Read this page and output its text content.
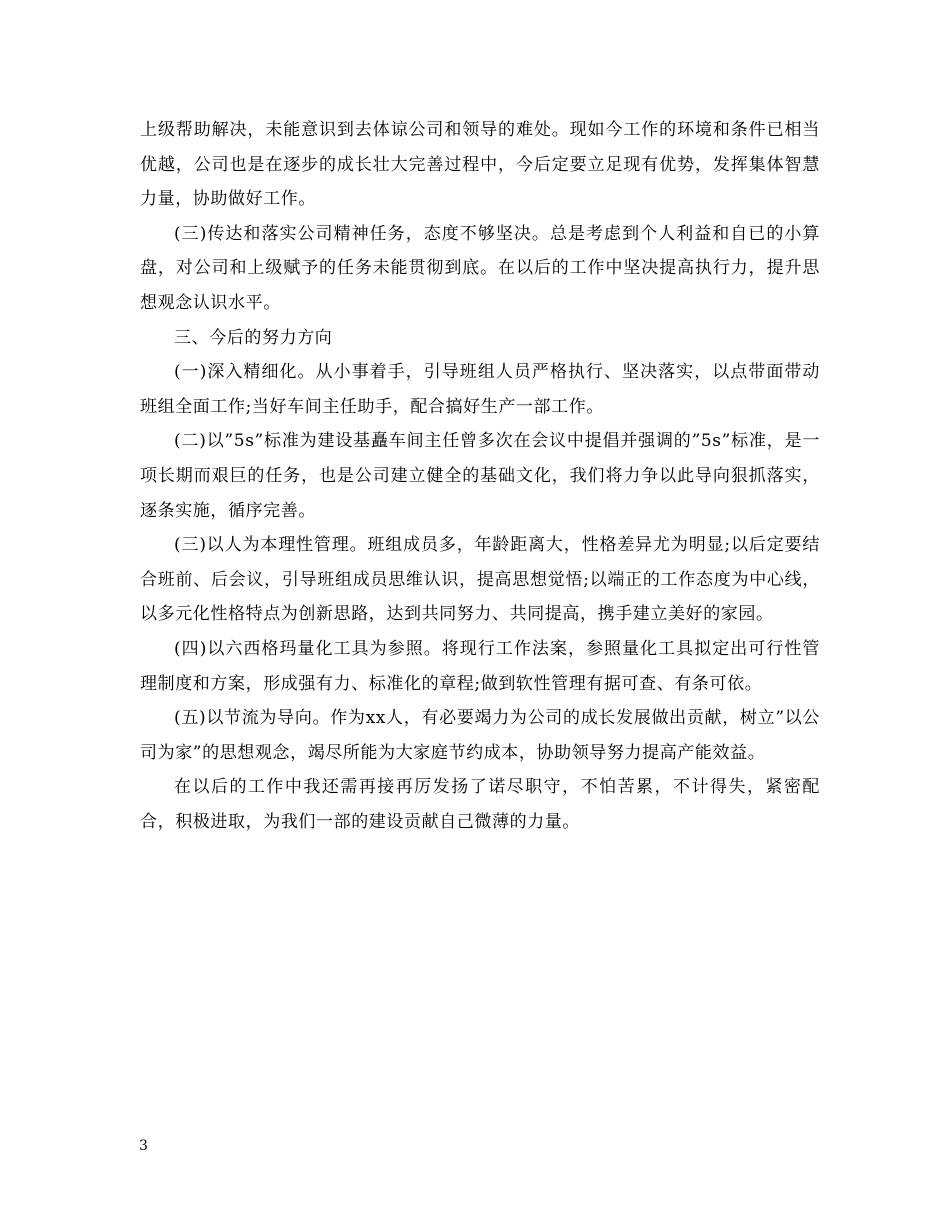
上级帮助解决，未能意识到去体谅公司和领导的难处。现如今工作的环境和条件已相当优越，公司也是在逐步的成长壮大完善过程中，今后定要立足现有优势，发挥集体智慧力量，协助做好工作。

(三)传达和落实公司精神任务，态度不够坚决。总是考虑到个人利益和自已的小算盘，对公司和上级赋予的任务未能贯彻到底。在以后的工作中坚决提高执行力，提升思想观念认识水平。

三、今后的努力方向

(一)深入精细化。从小事着手，引导班组人员严格执行、坚决落实，以点带面带动班组全面工作;当好车间主任助手，配合搞好生产一部工作。

(二)以”5s”标准为建设基矗车间主任曾多次在会议中提倡并强调的”5s”标准，是一项长期而艰巨的任务，也是公司建立健全的基础文化，我们将力争以此导向狠抓落实，逐条实施，循序完善。

(三)以人为本理性管理。班组成员多，年龄距离大，性格差异尤为明显;以后定要结合班前、后会议，引导班组成员思维认识，提高思想觉悟;以端正的工作态度为中心线，以多元化性格特点为创新思路，达到共同努力、共同提高，携手建立美好的家园。

(四)以六西格玛量化工具为参照。将现行工作法案，参照量化工具拟定出可行性管理制度和方案，形成强有力、标准化的章程;做到软性管理有据可查、有条可依。

(五)以节流为导向。作为xx人，有必要竭力为公司的成长发展做出贡献，树立”以公司为家”的思想观念，竭尽所能为大家庭节约成本，协助领导努力提高产能效益。

在以后的工作中我还需再接再厉发扬了诺尽职守，不怕苦累，不计得失，紧密配合，积极进取，为我们一部的建设贡献自己微薄的力量。

3
